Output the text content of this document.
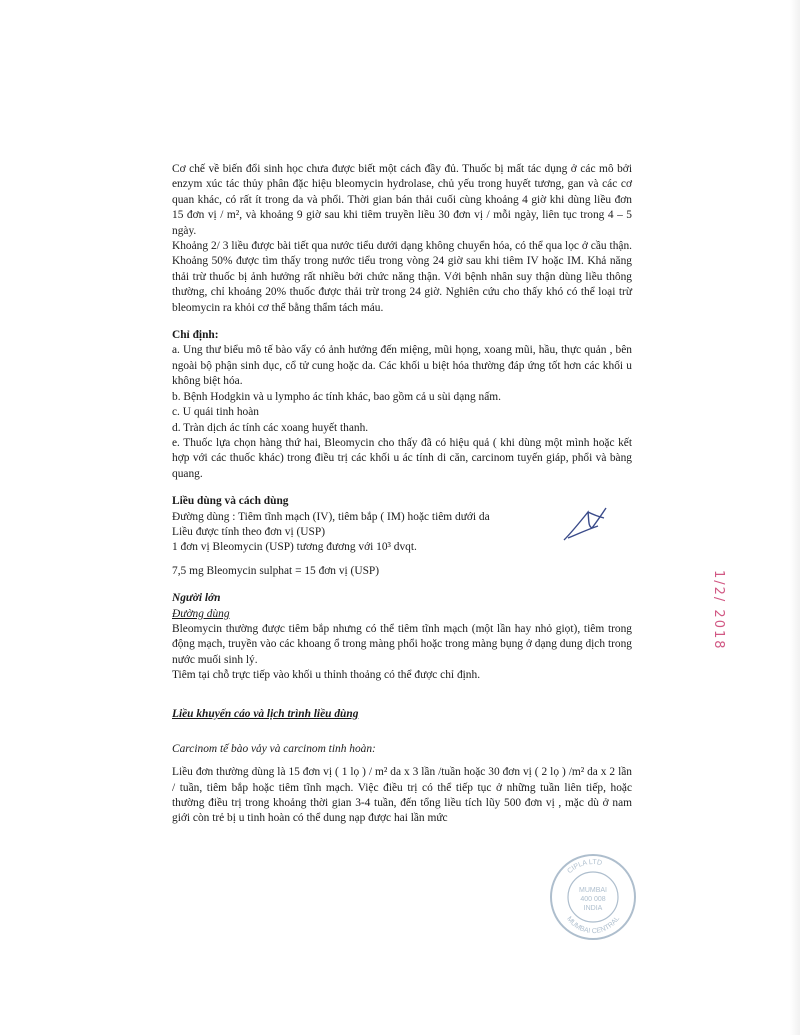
Cơ chế về biến đổi sinh học chưa được biết một cách đầy đủ. Thuốc bị mất tác dụng ở các mô bởi enzym xúc tác thủy phân đặc hiệu bleomycin hydrolase, chủ yếu trong huyết tương, gan và các cơ quan khác, có rất ít trong da và phổi. Thời gian bán thải cuối cùng khoảng 4 giờ khi dùng liều đơn 15 đơn vị / m², và khoảng 9 giờ sau khi tiêm truyền liều 30 đơn vị / mỗi ngày, liên tục trong 4 – 5 ngày.

Khoảng 2/ 3 liều được bài tiết qua nước tiểu dưới dạng không chuyển hóa, có thể qua lọc ở cầu thận. Khoảng 50% được tìm thấy trong nước tiểu trong vòng 24 giờ sau khi tiêm IV hoặc IM. Khả năng thải trừ thuốc bị ảnh hưởng rất nhiều bởi chức năng thận. Với bệnh nhân suy thận dùng liều thông thường, chỉ khoảng 20% thuốc được thải trừ trong 24 giờ. Nghiên cứu cho thấy khó có thể loại trừ bleomycin ra khỏi cơ thể bằng thẩm tách máu.

Chỉ định:

a. Ung thư biểu mô tế bào vẩy có ảnh hưởng đến miệng, mũi họng, xoang mũi, hầu, thực quản , bên ngoài bộ phận sinh dục, cổ tử cung hoặc da. Các khối u biệt hóa thường đáp ứng tốt hơn các khối u không biệt hóa.

b. Bệnh Hodgkin và u lympho ác tính khác, bao gồm cả u sùi dạng nấm.

c. U quái tinh hoàn

d. Tràn dịch ác tính các xoang huyết thanh.

e. Thuốc lựa chọn hàng thứ hai, Bleomycin cho thấy đã có hiệu quả ( khi dùng một mình hoặc kết hợp với các thuốc khác) trong điều trị các khối u ác tính di căn, carcinom tuyến giáp, phổi và bàng quang.

Liều dùng và cách dùng

Đường dùng : Tiêm tĩnh mạch (IV), tiêm bắp ( IM) hoặc tiêm dưới da

Liều được tính theo đơn vị (USP)

1 đơn vị Bleomycin (USP) tương đương với 10³ dvqt.

7,5 mg Bleomycin sulphat = 15 đơn vị (USP)

Người lớn

Đường dùng

Bleomycin thường được tiêm bắp nhưng có thể tiêm tĩnh mạch (một lần hay nhỏ giọt), tiêm trong động mạch, truyền vào các khoang ổ trong màng phổi hoặc trong màng bụng ở dạng dung dịch trong nước muối sinh lý.

Tiêm tại chỗ trực tiếp vào khối u thỉnh thoảng có thể được chỉ định.

Liều khuyến cáo và lịch trình liều dùng

Carcinom tế bào vảy và carcinom tinh hoàn:

Liều đơn thường dùng là 15 đơn vị ( 1 lọ ) / m² da x 3 lần /tuần hoặc 30 đơn vị ( 2 lọ ) /m² da x 2 lần / tuần, tiêm bắp hoặc tiêm tĩnh mạch. Việc điều trị có thể tiếp tục ở những tuần liên tiếp, hoặc thường điều trị trong khoảng thời gian 3-4 tuần, đến tổng liều tích lũy 500 đơn vị , mặc dù ở nam giới còn trẻ bị u tinh hoàn có thể dung nạp được hai lần mức

1/2/ 2018
CIPLA LTD
MUMBAI CENTRAL
MUMBAI
400 008
INDIA
